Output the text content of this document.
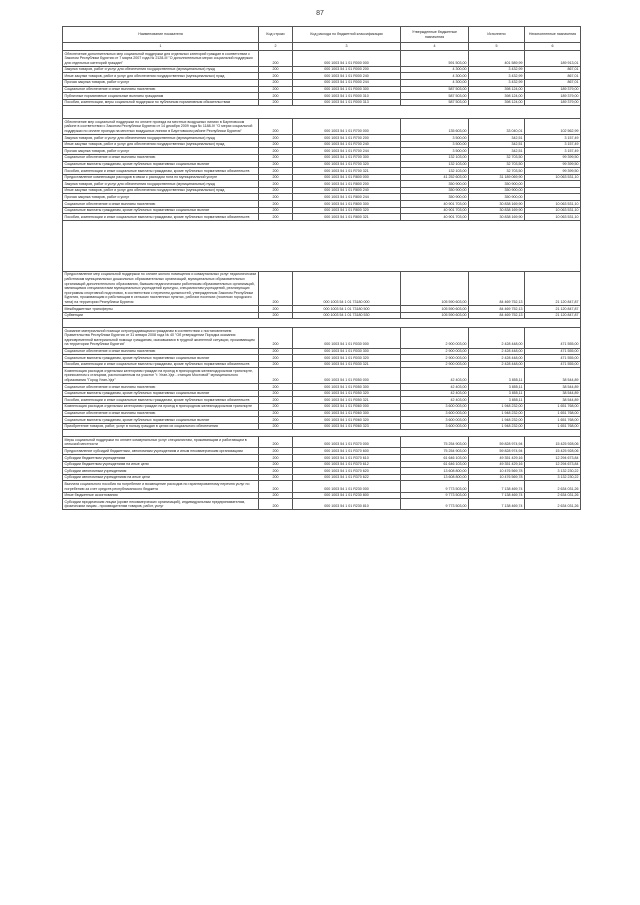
87
Наименование показателя	Код строки	Код расхода по бюджетной классификации	Утвержденные бюджетные назначения	Исполнено	Неисполненные назначения
1	2	3	4	5	6
Обеспечение дополнительных мер социальной поддержки для отдельных категорий граждан в соответствии с Законом Республики Бурятия от 7 марта 2007 года № 2128-III "О дополнительных мерах социальной поддержки для отдельных категорий граждан"	200	000 1003 54 1 01 R000 000	591 503,00	401 589,99	189 913,01
Закупка товаров, работ и услуг для обеспечения государственных (муниципальных) нужд	200	000 1003 54 1 01 R000 200	4 300,00	3 432,99	867,01
Иные закупки товаров, работ и услуг для обеспечения государственных (муниципальных) нужд	200	000 1003 54 1 01 R000 240	4 300,00	3 432,99	867,01
Прочая закупка товаров, работ и услуг	200	000 1003 54 1 01 R000 244	4 300,00	3 432,99	867,01
Социальное обеспечение и иные выплаты населению	200	000 1003 54 1 01 R000 300	587 503,00	398 124,00	189 379,00
Публичные нормативные социальные выплаты гражданам	200	000 1003 54 1 01 R000 310	587 503,00	398 124,00	189 379,00
Пособия, компенсации, меры социальной поддержки по публичным нормативным обязательствам	200	000 1003 54 1 01 R000 313	587 503,00	398 124,00	189 379,00

Обеспечение мер социальной поддержки по оплате проезда на местных воздушных линиях в Баунтовском районе в соответствии с Законом Республики Бурятия от 14 декабря 2009 года № 1188-IV "О мерах социальной поддержки по оплате проезда на местных воздушных линиях в Баунтовском районе Республики Бурятия"	200	000 1003 54 1 01 R700 000	135 603,00	33 040,01	102 562,99
Закупка товаров, работ и услуг для обеспечения государственных (муниципальных) нужд	200	000 1003 54 1 01 R700 200	3 500,00	342,51	3 157,49
Иные закупки товаров, работ и услуг для обеспечения государственных (муниципальных) нужд	200	000 1003 54 1 01 R700 240	3 500,00	342,51	3 157,49
Прочая закупка товаров, работ и услуг	200	000 1003 54 1 01 R700 244	3 500,00	342,51	3 157,49
Социальное обеспечение и иные выплаты населению	200	000 1003 54 1 01 R700 300	132 103,00	32 703,50	99 399,50
Социальные выплаты гражданам, кроме публичных нормативных социальных выплат	200	000 1003 54 1 01 R700 320	132 103,00	32 703,50	99 399,50
Пособия, компенсации и иные социальные выплаты гражданам, кроме публичных нормативных обязательств	200	000 1003 54 1 01 R700 321	132 103,00	32 703,50	99 399,50
Предоставление компенсации расходов в связи с расходом пота по муниципальной услуге	200	000 1003 54 1 01 R800 000	41 252 603,00	31 189 069,90	10 063 531,10
Закупка товаров, работ и услуг для обеспечения государственных (муниципальных) нужд	200	000 1003 54 1 01 R800 200	350 900,00	350 900,00	
Иные закупки товаров, работ и услуг для обеспечения государственных (муниципальных) нужд	200	000 1003 54 1 01 R800 240	350 900,00	350 900,00	
Прочая закупка товаров, работ и услуг	200	000 1003 54 1 01 R800 244	350 900,00	350 900,00	
Социальное обеспечение и иные выплаты населению	200	000 1003 54 1 01 R800 300	40 901 703,00	30 838 169,90	10 063 531,10
Социальные выплаты гражданам, кроме публичных нормативных социальных выплат	200	000 1003 54 1 01 R800 320	40 901 703,00	30 838 169,90	10 063 531,10
Пособия, компенсации и иные социальные выплаты гражданам, кроме публичных нормативных обязательств	200	000 1003 54 1 01 R800 321	40 901 703,00	30 838 169,90	10 063 531,10

Предоставление мер социальной поддержки по оплате жилого помещения и коммунальных услуг педагогическим работникам муниципальных дошкольных образовательных организаций, муниципальных образовательных организаций дополнительного образования, бывшим педагогическим работникам образовательных организаций, являющимся специалистами муниципальных учреждений культуры, специалистам учреждений, реализующих программы спортивной подготовки, в соответствии с перечнем должностей, утвержденным Законом Республики Бурятия, проживающим и работающим в сельских населенных пунктах, рабочих поселках (поселках городского типа) на территории Республики Бурятия	200	000 1003 54 1 01 73180 000	105 590 603,00	84 469 752,13	21 120 847,87
Межбюджетные трансферты	200	000 1003 54 1 01 73180 500	105 590 603,00	84 469 752,13	21 120 847,87
Субвенции	200	000 1003 54 1 01 73180 530	105 590 603,00	84 469 752,13	21 120 847,87

Оказание материальной помощи остронуждающимся гражданам в соответствии с постановлением Правительства Республики Бурятия от 31 января 2008 года № 40 "Об утверждении Порядка оказания единовременной материальной помощи гражданам, оказавшимся в трудной жизненной ситуации, проживающим на территории Республики Бурятия"	200	000 1003 54 1 01 R030 000	2 900 003,00	2 428 448,00	471 555,00
Социальное обеспечение и иные выплаты населению	200	000 1003 54 1 01 R030 300	2 900 003,00	2 428 448,00	471 555,00
Социальные выплаты гражданам, кроме публичных нормативных социальных выплат	200	000 1003 54 1 01 R030 320	2 900 003,00	2 428 448,00	471 555,00
Пособия, компенсации и иные социальные выплаты гражданам, кроме публичных нормативных обязательств	200	000 1003 54 1 01 R030 321	2 900 003,00	2 428 448,00	471 555,00
Компенсация расходов отдельным категориям граждан на проезд в пригородном железнодорожном транспорте, приписанном к станциям, расположенным на участке "г. Улан-Удэ - станция Мостовой" муниципального образования "Город Улан-Удэ"	200	000 1003 54 1 01 R050 000	42 403,00	3 855,11	38 544,89
Социальное обеспечение и иные выплаты населению	200	000 1003 54 1 01 R050 300	42 403,00	3 855,11	38 544,89
Социальные выплаты гражданам, кроме публичных нормативных социальных выплат	200	000 1003 54 1 01 R050 320	42 403,00	3 855,11	38 544,89
Пособия, компенсации и иные социальные выплаты гражданам, кроме публичных нормативных обязательств	200	000 1003 54 1 01 R050 321	42 403,00	3 855,11	38 544,89
Компенсация расходов отдельным категориям граждан на проезд в пригородном железнодорожном транспорте	200	000 1003 54 1 01 R060 000	3 600 003,00	1 948 232,00	1 651 768,00
Социальное обеспечение и иные выплаты населению	200	000 1003 54 1 01 R060 300	3 600 003,00	1 948 232,00	1 651 768,00
Социальные выплаты гражданам, кроме публичных нормативных социальных выплат	200	000 1003 54 1 01 R060 320	3 600 003,00	1 948 232,00	1 651 768,00
Приобретение товаров, работ, услуг в пользу граждан в целях их социального обеспечения	200	000 1003 54 1 01 R060 323	3 600 003,00	1 948 232,00	1 651 768,00

Меры социальной поддержки по оплате коммунальных услуг специалистам, проживающим и работающим в сельской местности	200	000 1003 54 1 01 R370 000	75 254 903,00	59 828 974,94	15 425 928,06
Предоставление субсидий бюджетным, автономным учреждениям и иным некоммерческим организациям	200	000 1003 54 1 01 R370 600	75 254 903,00	59 828 974,94	15 425 928,06
Субсидии бюджетным учреждениям	200	000 1003 54 1 01 R370 610	61 646 103,00	49 351 429,16	12 294 673,84
Субсидии бюджетным учреждениям на иные цели	200	000 1003 54 1 01 R370 612	61 646 103,00	49 351 429,16	12 294 673,84
Субсидии автономным учреждениям	200	000 1003 54 1 01 R370 620	13 608 800,00	10 476 569,78	3 132 230,22
Субсидии автономным учреждениям на иные цели	200	000 1003 54 1 01 R370 622	13 608 800,00	10 476 569,78	3 132 230,22
Выплата социального пособия на погребение и возмещение расходов по гарантированному перечню услуг по погребению за счет средств республиканского бюджета	200	000 1003 54 1 01 R230 000	9 773 503,00	7 138 469,74	2 634 031,26
Иные бюджетные ассигнования	200	000 1003 54 1 01 R230 800	9 773 503,00	7 138 469,74	2 634 031,26
Субсидии юридическим лицам (кроме некоммерческих организаций), индивидуальным предпринимателям, физическим лицам - производителям товаров, работ, услуг	200	000 1003 54 1 01 R230 810	9 773 503,00	7 138 469,74	2 634 031,26
